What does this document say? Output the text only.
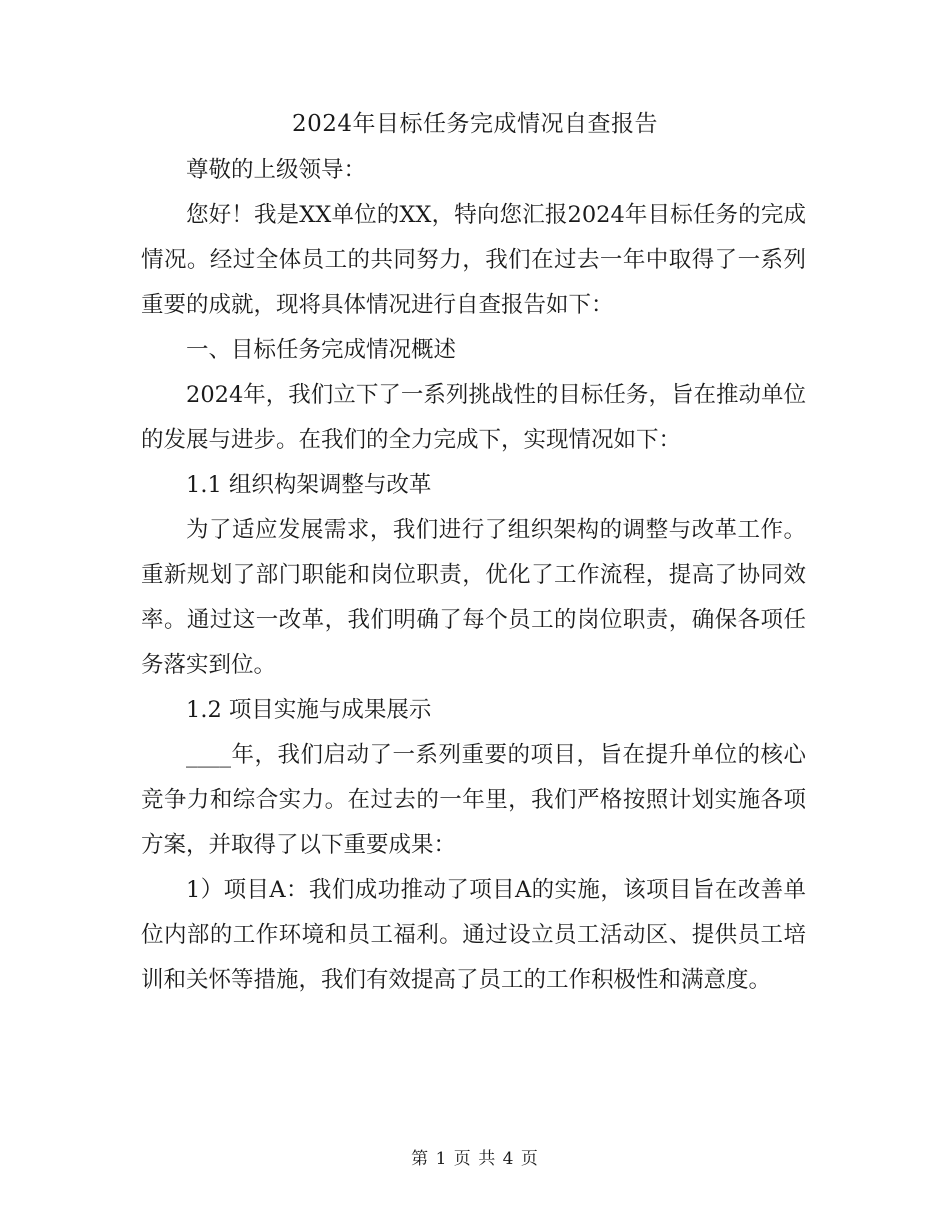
2024年目标任务完成情况自查报告

尊敬的上级领导：

您好！我是XX单位的XX，特向您汇报2024年目标任务的完成情况。经过全体员工的共同努力，我们在过去一年中取得了一系列重要的成就，现将具体情况进行自查报告如下：

一、目标任务完成情况概述

2024年，我们立下了一系列挑战性的目标任务，旨在推动单位的发展与进步。在我们的全力完成下，实现情况如下：

1.1 组织构架调整与改革

为了适应发展需求，我们进行了组织架构的调整与改革工作。重新规划了部门职能和岗位职责，优化了工作流程，提高了协同效率。通过这一改革，我们明确了每个员工的岗位职责，确保各项任务落实到位。

1.2 项目实施与成果展示

____年，我们启动了一系列重要的项目，旨在提升单位的核心竞争力和综合实力。在过去的一年里，我们严格按照计划实施各项方案，并取得了以下重要成果：

1）项目A：我们成功推动了项目A的实施，该项目旨在改善单位内部的工作环境和员工福利。通过设立员工活动区、提供员工培训和关怀等措施，我们有效提高了员工的工作积极性和满意度。

第 1 页 共 4 页
